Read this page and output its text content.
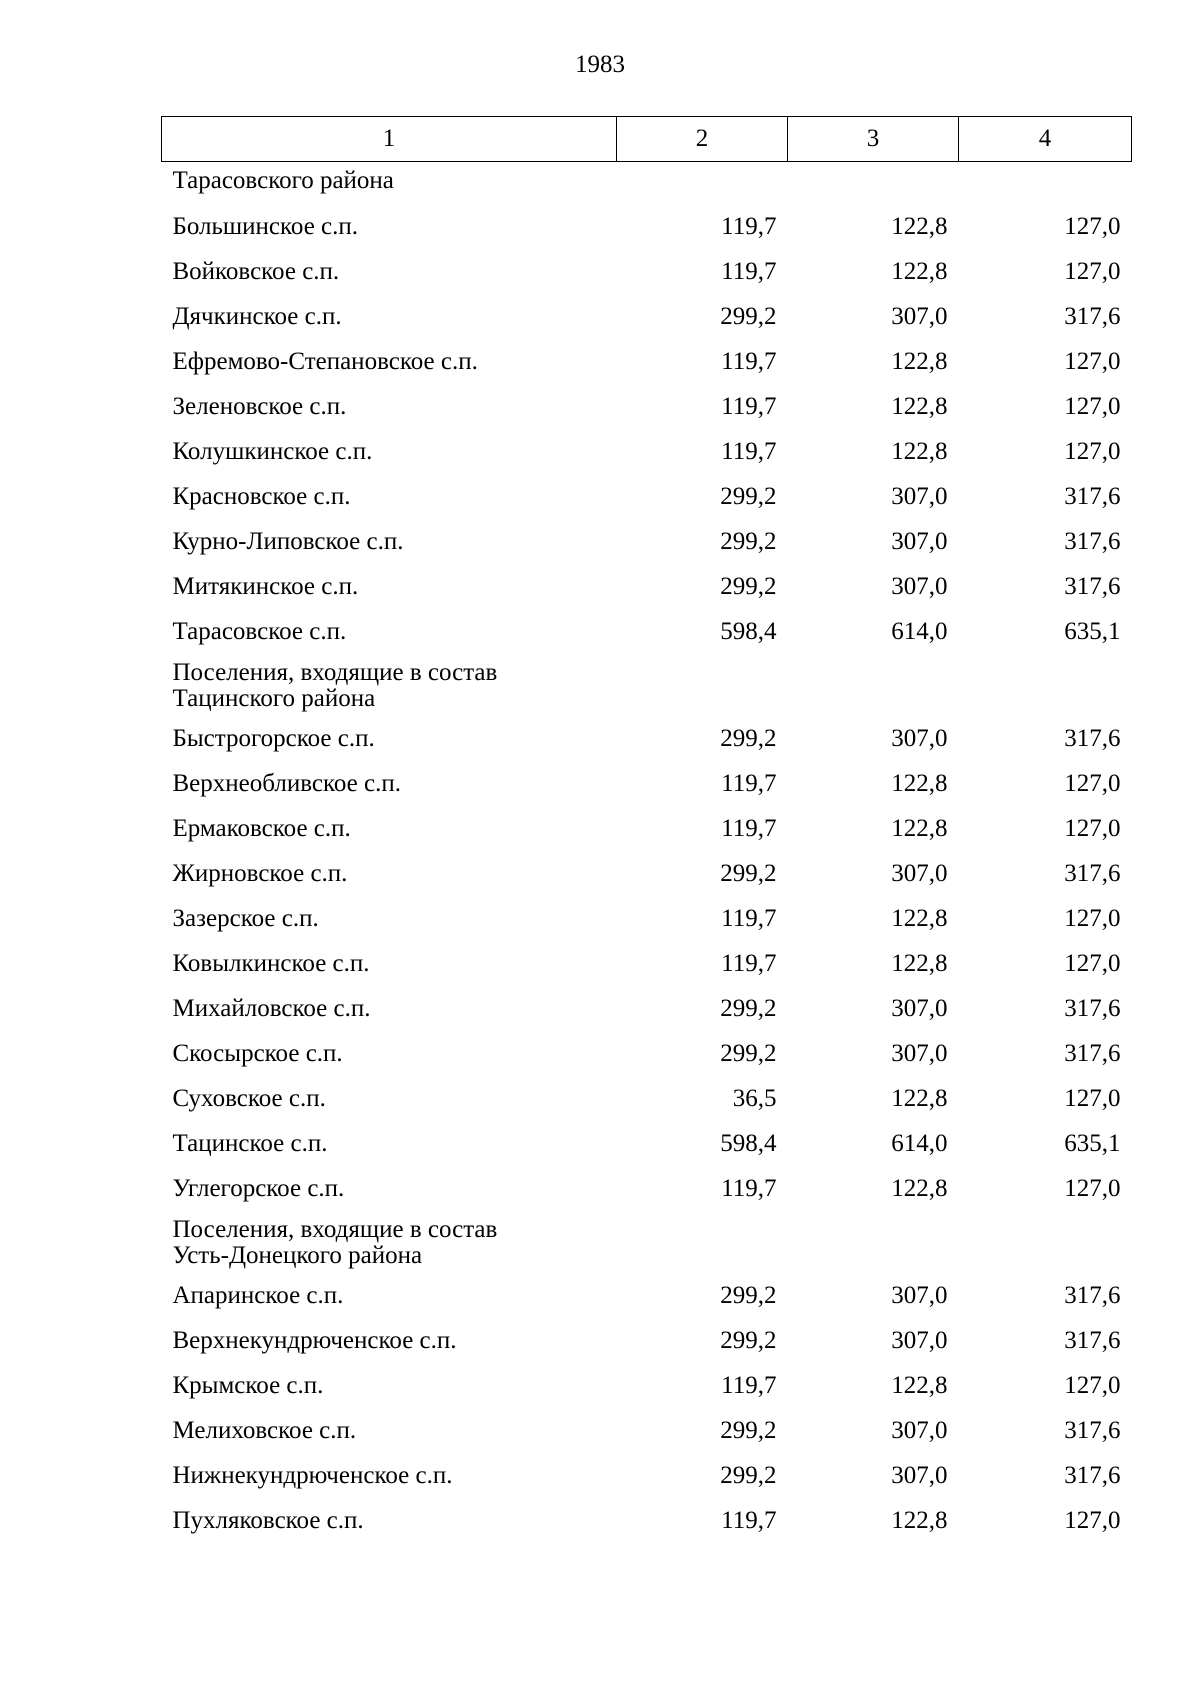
1983
1	2	3	4

Тарасовского района			

Большинское с.п.	119,7	122,8	127,0
Войковское с.п.	119,7	122,8	127,0
Дячкинское с.п.	299,2	307,0	317,6
Ефремово-Степановское с.п.	119,7	122,8	127,0
Зеленовское с.п.	119,7	122,8	127,0
Колушкинское с.п.	119,7	122,8	127,0
Красновское с.п.	299,2	307,0	317,6
Курно-Липовское с.п.	299,2	307,0	317,6
Митякинское с.п.	299,2	307,0	317,6
Тарасовское с.п.	598,4	614,0	635,1

Поселения, входящие в состав
Тацинского района			

Быстрогорское с.п.	299,2	307,0	317,6
Верхнеобливское с.п.	119,7	122,8	127,0
Ермаковское с.п.	119,7	122,8	127,0
Жирновское с.п.	299,2	307,0	317,6
Зазерское с.п.	119,7	122,8	127,0
Ковылкинское с.п.	119,7	122,8	127,0
Михайловское с.п.	299,2	307,0	317,6
Скосырское с.п.	299,2	307,0	317,6
Суховское с.п.	36,5	122,8	127,0
Тацинское с.п.	598,4	614,0	635,1
Углегорское с.п.	119,7	122,8	127,0

Поселения, входящие в состав
Усть-Донецкого района			

Апаринское с.п.	299,2	307,0	317,6
Верхнекундрюченское с.п.	299,2	307,0	317,6
Крымское с.п.	119,7	122,8	127,0
Мелиховское с.п.	299,2	307,0	317,6
Нижнекундрюченское с.п.	299,2	307,0	317,6
Пухляковское с.п.	119,7	122,8	127,0
